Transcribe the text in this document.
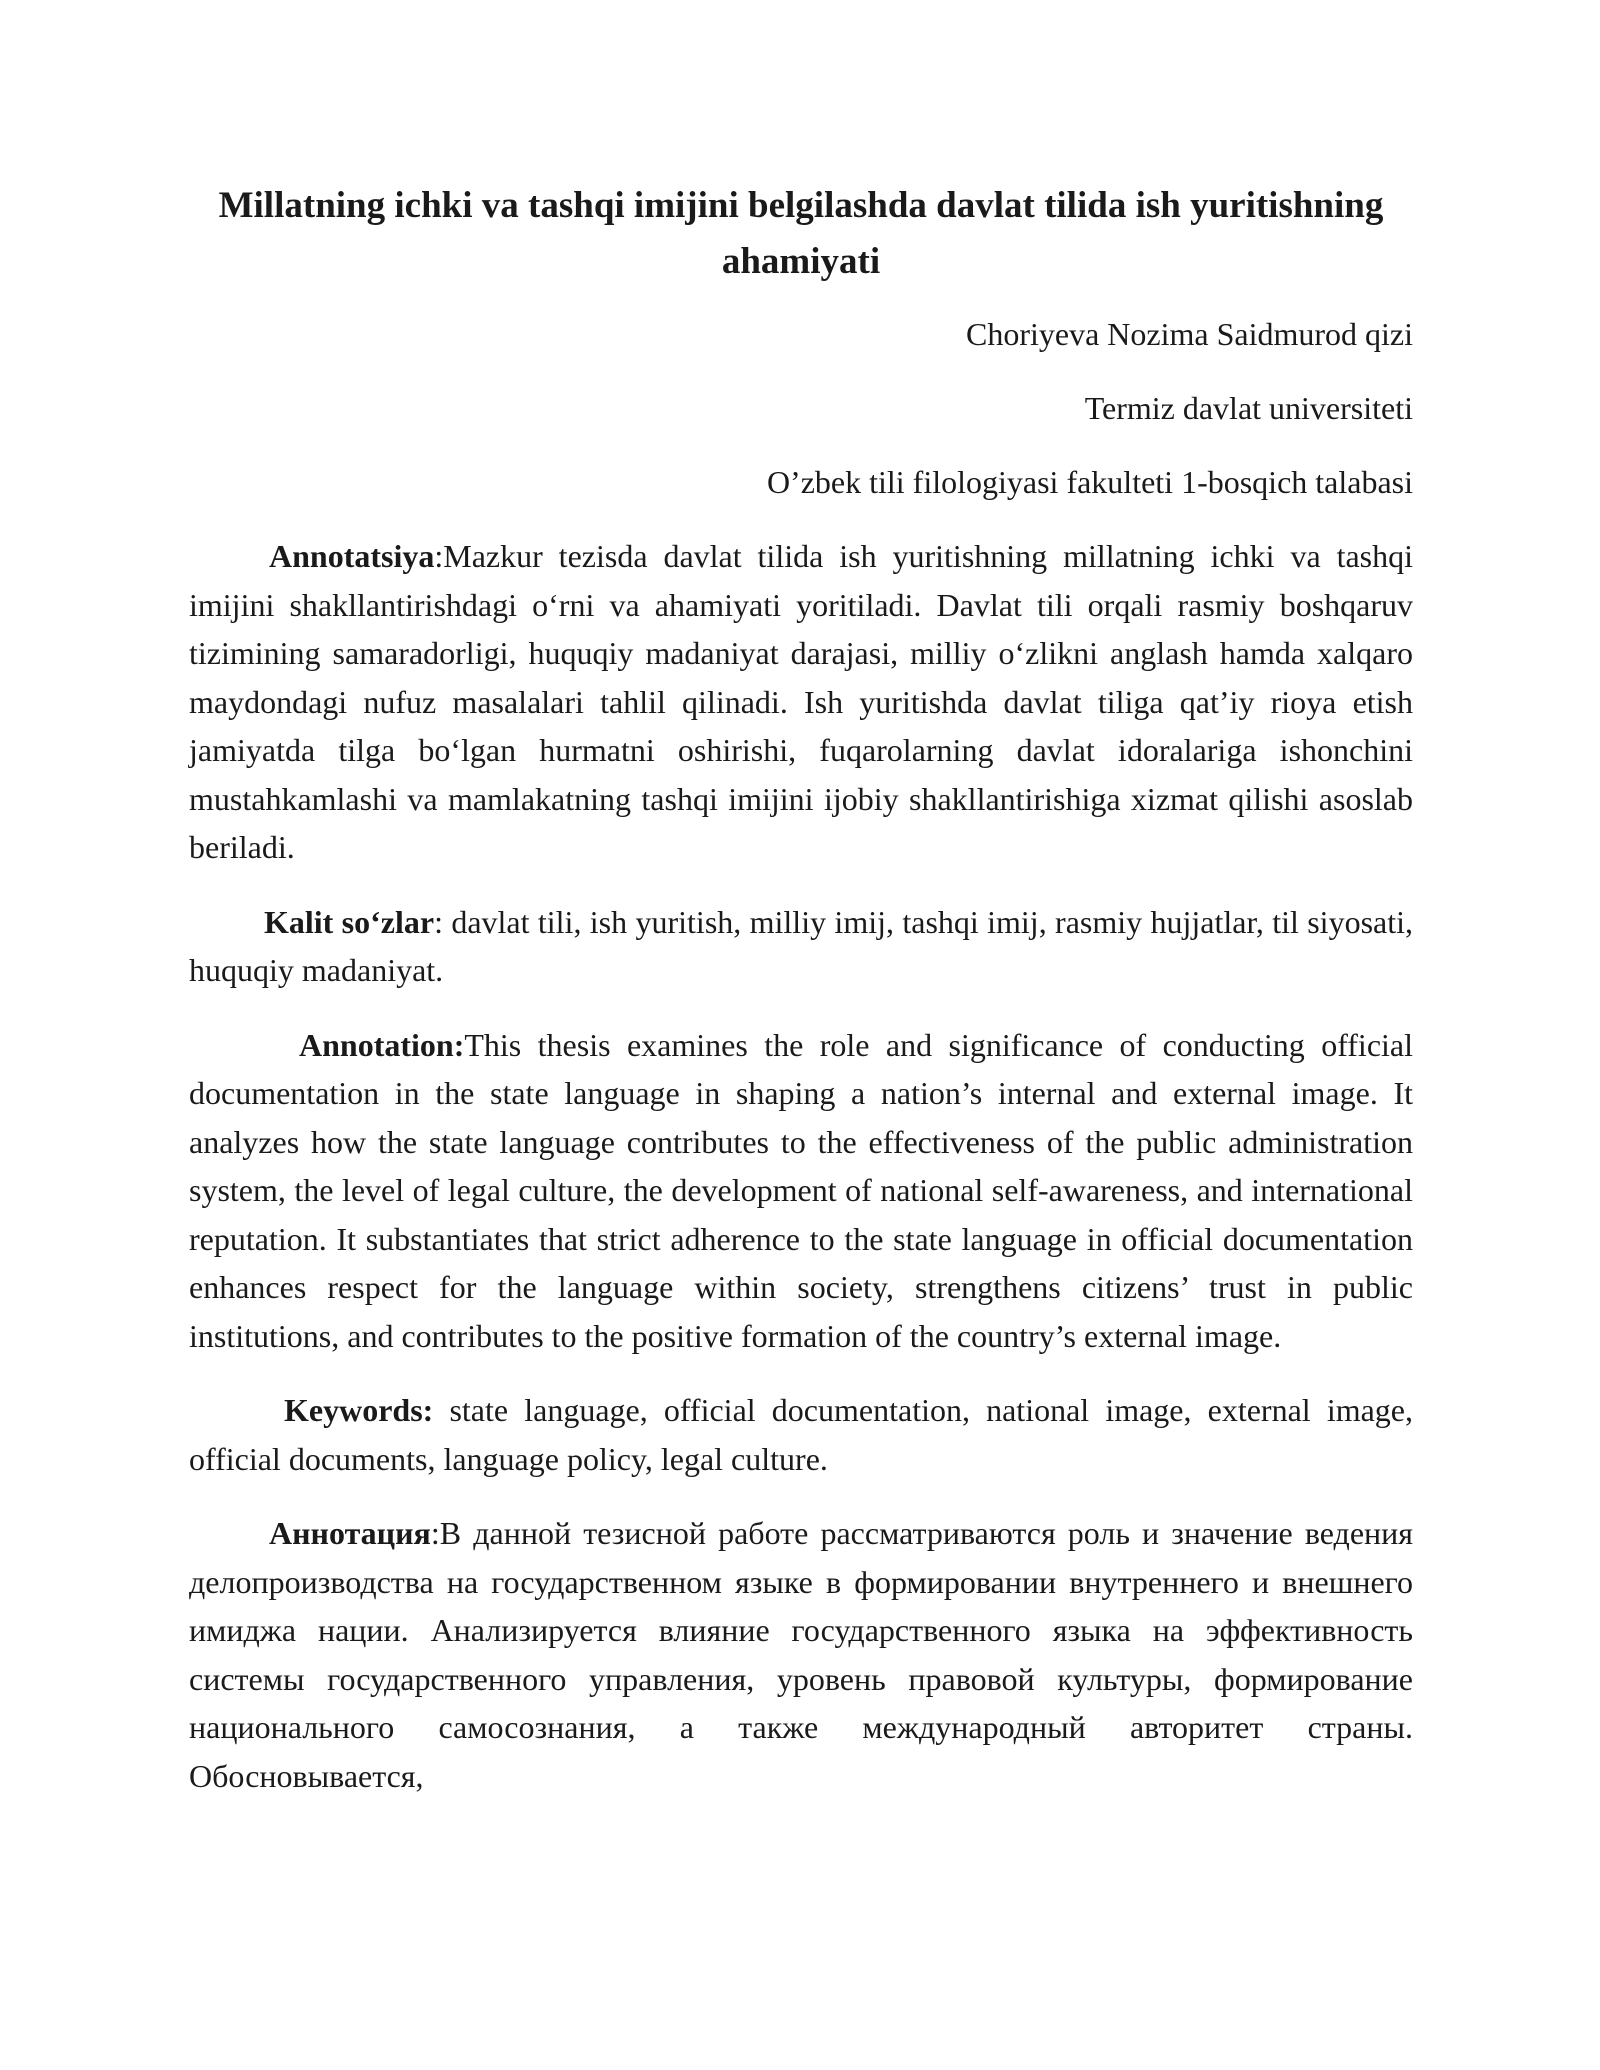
Millatning ichki va tashqi imijini belgilashda davlat tilida ish yuritishning ahamiyati
Choriyeva Nozima Saidmurod qizi
Termiz davlat universiteti
O’zbek tili filologiyasi fakulteti 1-bosqich talabasi

Annotatsiya:Mazkur tezisda davlat tilida ish yuritishning millatning ichki va tashqi imijini shakllantirishdagi o‘rni va ahamiyati yoritiladi. Davlat tili orqali rasmiy boshqaruv tizimining samaradorligi, huquqiy madaniyat darajasi, milliy o‘zlikni anglash hamda xalqaro maydondagi nufuz masalalari tahlil qilinadi. Ish yuritishda davlat tiliga qat’iy rioya etish jamiyatda tilga bo‘lgan hurmatni oshirishi, fuqarolarning davlat idoralariga ishonchini mustahkamlashi va mamlakatning tashqi imijini ijobiy shakllantirishiga xizmat qilishi asoslab beriladi.

Kalit so‘zlar: davlat tili, ish yuritish, milliy imij, tashqi imij, rasmiy hujjatlar, til siyosati, huquqiy madaniyat.

Annotation:This thesis examines the role and significance of conducting official documentation in the state language in shaping a nation’s internal and external image. It analyzes how the state language contributes to the effectiveness of the public administration system, the level of legal culture, the development of national self-awareness, and international reputation. It substantiates that strict adherence to the state language in official documentation enhances respect for the language within society, strengthens citizens’ trust in public institutions, and contributes to the positive formation of the country’s external image.

Keywords: state language, official documentation, national image, external image, official documents, language policy, legal culture.

Аннотация:В данной тезисной работе рассматриваются роль и значение ведения делопроизводства на государственном языке в формировании внутреннего и внешнего имиджа нации. Анализируется влияние государственного языка на эффективность системы государственного управления, уровень правовой культуры, формирование национального самосознания, а также международный авторитет страны. Обосновывается,
